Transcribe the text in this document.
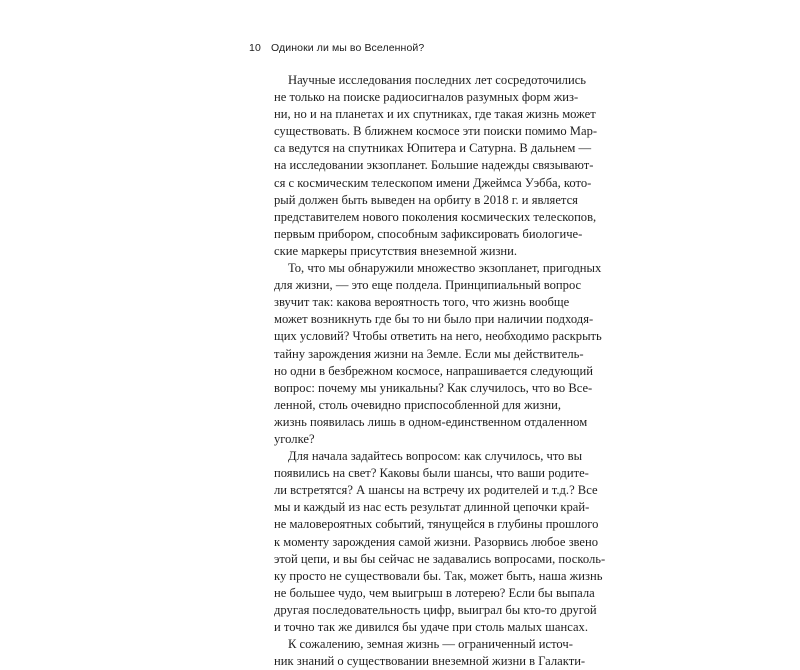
10 Одиноки ли мы во Вселенной?
Научные исследования последних лет сосредоточились
не только на поиске радиосигналов разумных форм жиз-
ни, но и на планетах и их спутниках, где такая жизнь может
существовать. В ближнем космосе эти поиски помимо Мар-
са ведутся на спутниках Юпитера и Сатурна. В дальнем —
на исследовании экзопланет. Большие надежды связывают-
ся с космическим телескопом имени Джеймса Уэбба, кото-
рый должен быть выведен на орбиту в 2018 г. и является
представителем нового поколения космических телескопов,
первым прибором, способным зафиксировать биологиче-
ские маркеры присутствия внеземной жизни.
То, что мы обнаружили множество экзопланет, пригодных
для жизни, — это еще полдела. Принципиальный вопрос
звучит так: какова вероятность того, что жизнь вообще
может возникнуть где бы то ни было при наличии подходя-
щих условий? Чтобы ответить на него, необходимо раскрыть
тайну зарождения жизни на Земле. Если мы действитель-
но одни в безбрежном космосе, напрашивается следующий
вопрос: почему мы уникальны? Как случилось, что во Все-
ленной, столь очевидно приспособленной для жизни,
жизнь появилась лишь в одном-единственном отдаленном
уголке?
Для начала задайтесь вопросом: как случилось, что вы
появились на свет? Каковы были шансы, что ваши родите-
ли встретятся? А шансы на встречу их родителей и т.д.? Все
мы и каждый из нас есть результат длинной цепочки край-
не маловероятных событий, тянущейся в глубины прошлого
к моменту зарождения самой жизни. Разорвись любое звено
этой цепи, и вы бы сейчас не задавались вопросами, посколь-
ку просто не существовали бы. Так, может быть, наша жизнь
не большее чудо, чем выигрыш в лотерею? Если бы выпала
другая последовательность цифр, выиграл бы кто-то другой
и точно так же дивился бы удаче при столь малых шансах.
К сожалению, земная жизнь — ограниченный источ-
ник знаний о существовании внеземной жизни в Галакти-
